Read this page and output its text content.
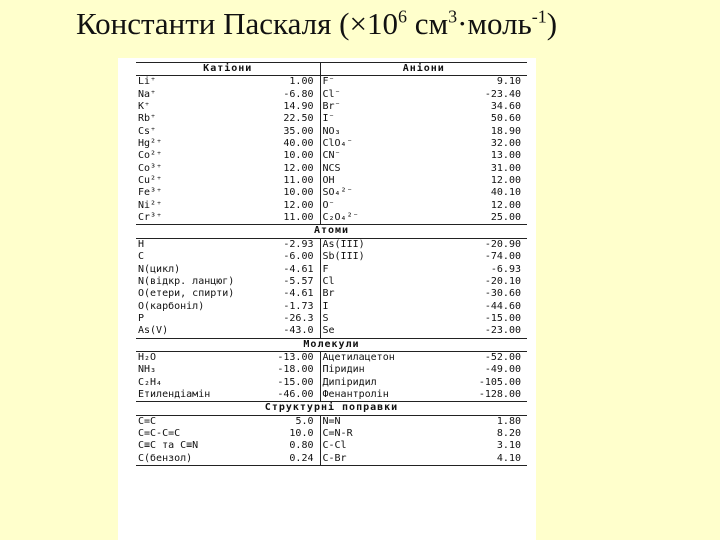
Константи Паскаля ($\times 10^6$ $см^3\cdot моль^{-1}$)
Катіони		Аніони	
Li⁺	1.00	F⁻	9.10
Na⁺	-6.80	Cl⁻	-23.40
K⁺	14.90	Br⁻	34.60
Rb⁺	22.50	I⁻	50.60
Cs⁺	35.00	NO₃	18.90
Hg²⁺	40.00	ClO₄⁻	32.00
Co²⁺	10.00	CN⁻	13.00
Co³⁺	12.00	NCS	31.00
Cu²⁺	11.00	OH	12.00
Fe³⁺	10.00	SO₄²⁻	40.10
Ni²⁺	12.00	O⁻	12.00
Cr³⁺	11.00	C₂O₄²⁻	25.00
Атоми			
H	-2.93	As(III)	-20.90
C	-6.00	Sb(III)	-74.00
N(цикл)	-4.61	F	-6.93
N(відкр. ланцюг)	-5.57	Cl	-20.10
O(етери, спирти)	-4.61	Br	-30.60
O(карбоніл)	-1.73	I	-44.60
P	-26.3	S	-15.00
As(V)	-43.0	Se	-23.00
Молекули			
H₂O	-13.00	Ацетилацетон	-52.00
NH₃	-18.00	Піридин	-49.00
C₂H₄	-15.00	Дипіридил	-105.00
Етилендіамін	-46.00	Фенантролін	-128.00
Структурні поправки			
C=C	5.0	N=N	1.80
C=C-C=C	10.0	C=N-R	8.20
C≡C та C≡N	0.80	C-Cl	3.10
C(бензол)	0.24	C-Br	4.10
